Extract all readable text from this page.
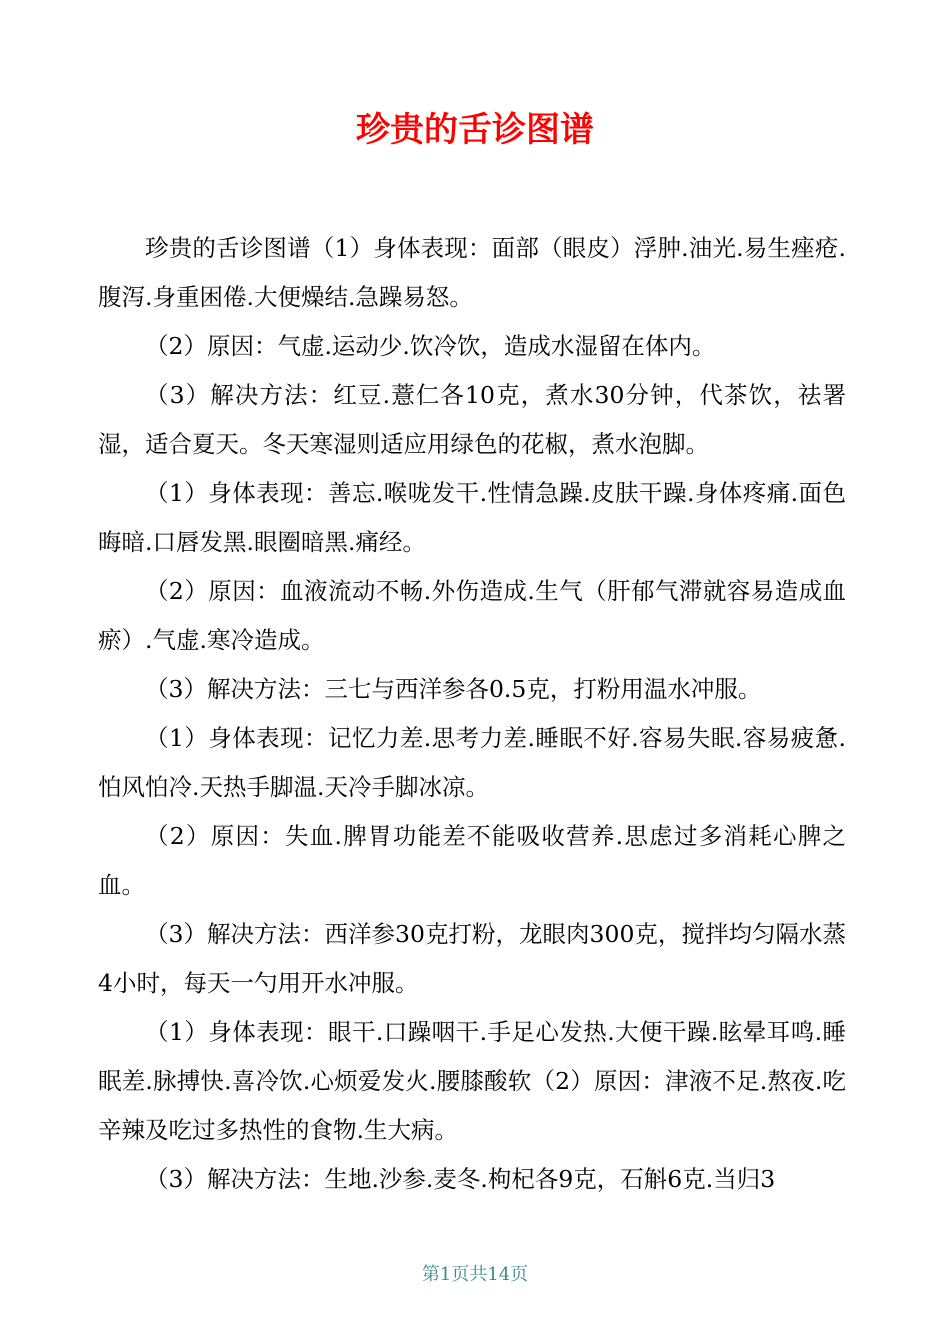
珍贵的舌诊图谱

珍贵的舌诊图谱（1）身体表现：面部（眼皮）浮肿.油光.易生痤疮.腹泻.身重困倦.大便燥结.急躁易怒。

（2）原因：气虚.运动少.饮冷饮，造成水湿留在体内。

（3）解决方法：红豆.薏仁各10克，煮水30分钟，代茶饮，祛署湿，适合夏天。冬天寒湿则适应用绿色的花椒，煮水泡脚。

（1）身体表现：善忘.喉咙发干.性情急躁.皮肤干躁.身体疼痛.面色晦暗.口唇发黑.眼圈暗黑.痛经。

（2）原因：血液流动不畅.外伤造成.生气（肝郁气滞就容易造成血瘀）.气虚.寒冷造成。

（3）解决方法：三七与西洋参各0.5克，打粉用温水冲服。

（1）身体表现：记忆力差.思考力差.睡眠不好.容易失眠.容易疲惫.怕风怕冷.天热手脚温.天冷手脚冰凉。

（2）原因：失血.脾胃功能差不能吸收营养.思虑过多消耗心脾之血。

（3）解决方法：西洋参30克打粉，龙眼肉300克，搅拌均匀隔水蒸4小时，每天一勺用开水冲服。

（1）身体表现：眼干.口躁咽干.手足心发热.大便干躁.眩晕耳鸣.睡眠差.脉搏快.喜冷饮.心烦爱发火.腰膝酸软（2）原因：津液不足.熬夜.吃辛辣及吃过多热性的食物.生大病。

（3）解决方法：生地.沙参.麦冬.枸杞各9克，石斛6克.当归3

第1页共14页
